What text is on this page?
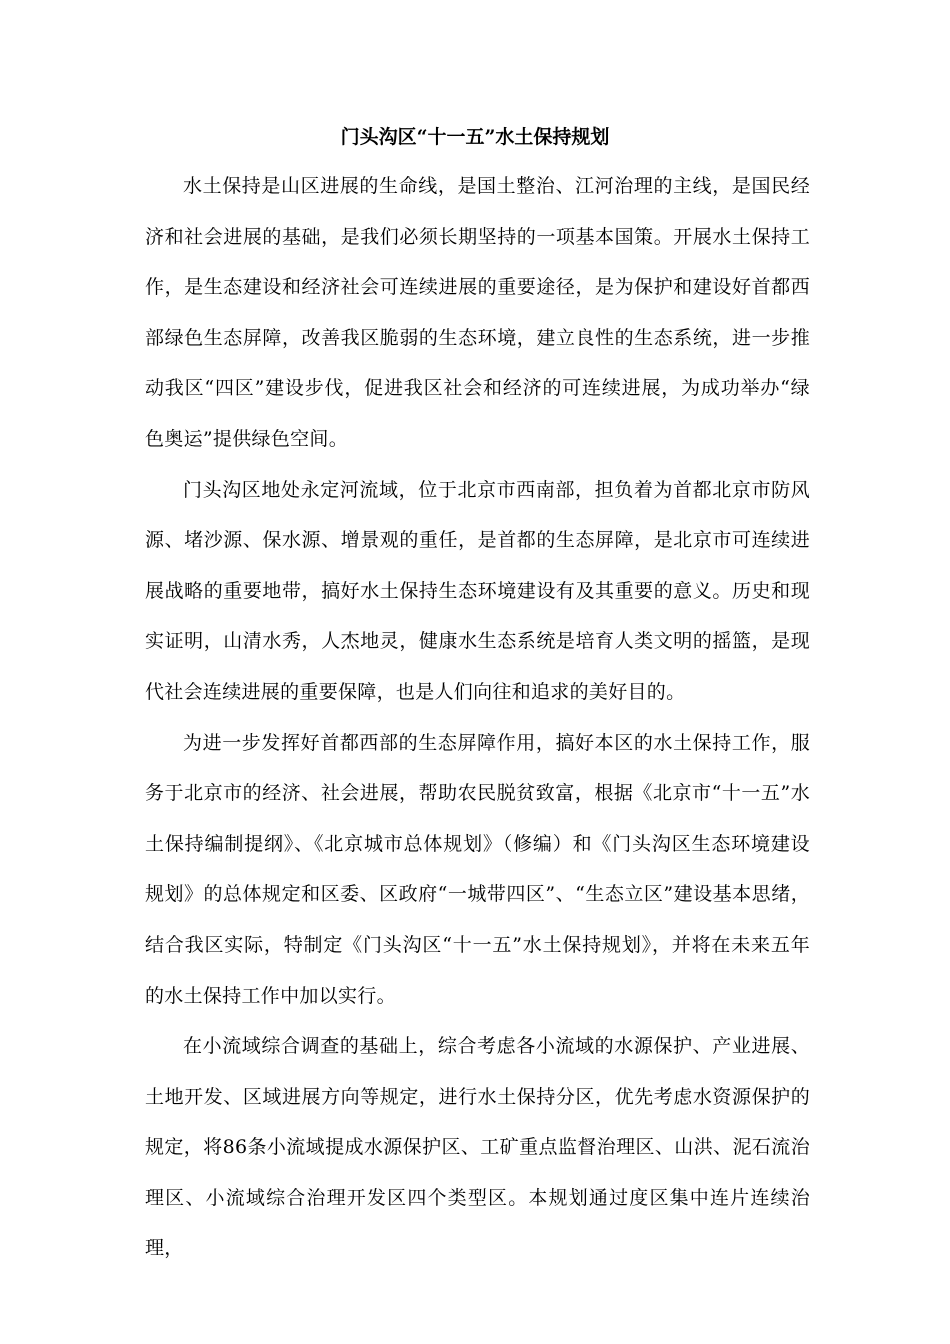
门头沟区“十一五”水土保持规划

水土保持是山区进展的生命线，是国土整治、江河治理的主线，是国民经济和社会进展的基础，是我们必须长期坚持的一项基本国策。开展水土保持工作，是生态建设和经济社会可连续进展的重要途径，是为保护和建设好首都西部绿色生态屏障，改善我区脆弱的生态环境，建立良性的生态系统，进一步推动我区“四区”建设步伐，促进我区社会和经济的可连续进展，为成功举办“绿色奥运”提供绿色空间。

门头沟区地处永定河流域，位于北京市西南部，担负着为首都北京市防风源、堵沙源、保水源、增景观的重任，是首都的生态屏障，是北京市可连续进展战略的重要地带，搞好水土保持生态环境建设有及其重要的意义。历史和现实证明，山清水秀，人杰地灵，健康水生态系统是培育人类文明的摇篮，是现代社会连续进展的重要保障，也是人们向往和追求的美好目的。

为进一步发挥好首都西部的生态屏障作用，搞好本区的水土保持工作，服务于北京市的经济、社会进展，帮助农民脱贫致富，根据《北京市“十一五”水土保持编制提纲》、《北京城市总体规划》（修编）和《门头沟区生态环境建设规划》的总体规定和区委、区政府“一城带四区”、“生态立区”建设基本思绪，结合我区实际，特制定《门头沟区“十一五”水土保持规划》，并将在未来五年的水土保持工作中加以实行。

在小流域综合调查的基础上，综合考虑各小流域的水源保护、产业进展、土地开发、区域进展方向等规定，进行水土保持分区，优先考虑水资源保护的规定，将86条小流域提成水源保护区、工矿重点监督治理区、山洪、泥石流治理区、小流域综合治理开发区四个类型区。本规划通过度区集中连片连续治理，
